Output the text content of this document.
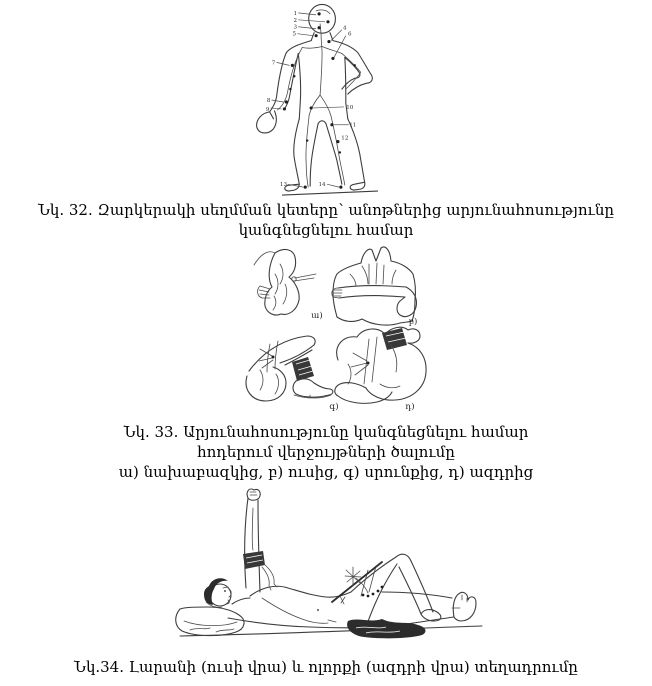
1
2
3	4
5	6
7
8
9	10
11
12
13	14

Նկ. 32. Զարկերակի սեղմման կետերը՝ անոթներից արյունահոսությունը կանգնեցնելու համար

ա)
բ)
գ)	դ)

Նկ. 33. Արյունահոսությունը կանգնեցնելու համար

հոդերում վերջույթների ծալումը

ա) նախաբազկից, բ) ուսից, գ) սրունքից, դ) ազդրից

Նկ.34. Լարանի (ուսի վրա) և ոլորքի (ազդրի վրա) տեղադրումը
